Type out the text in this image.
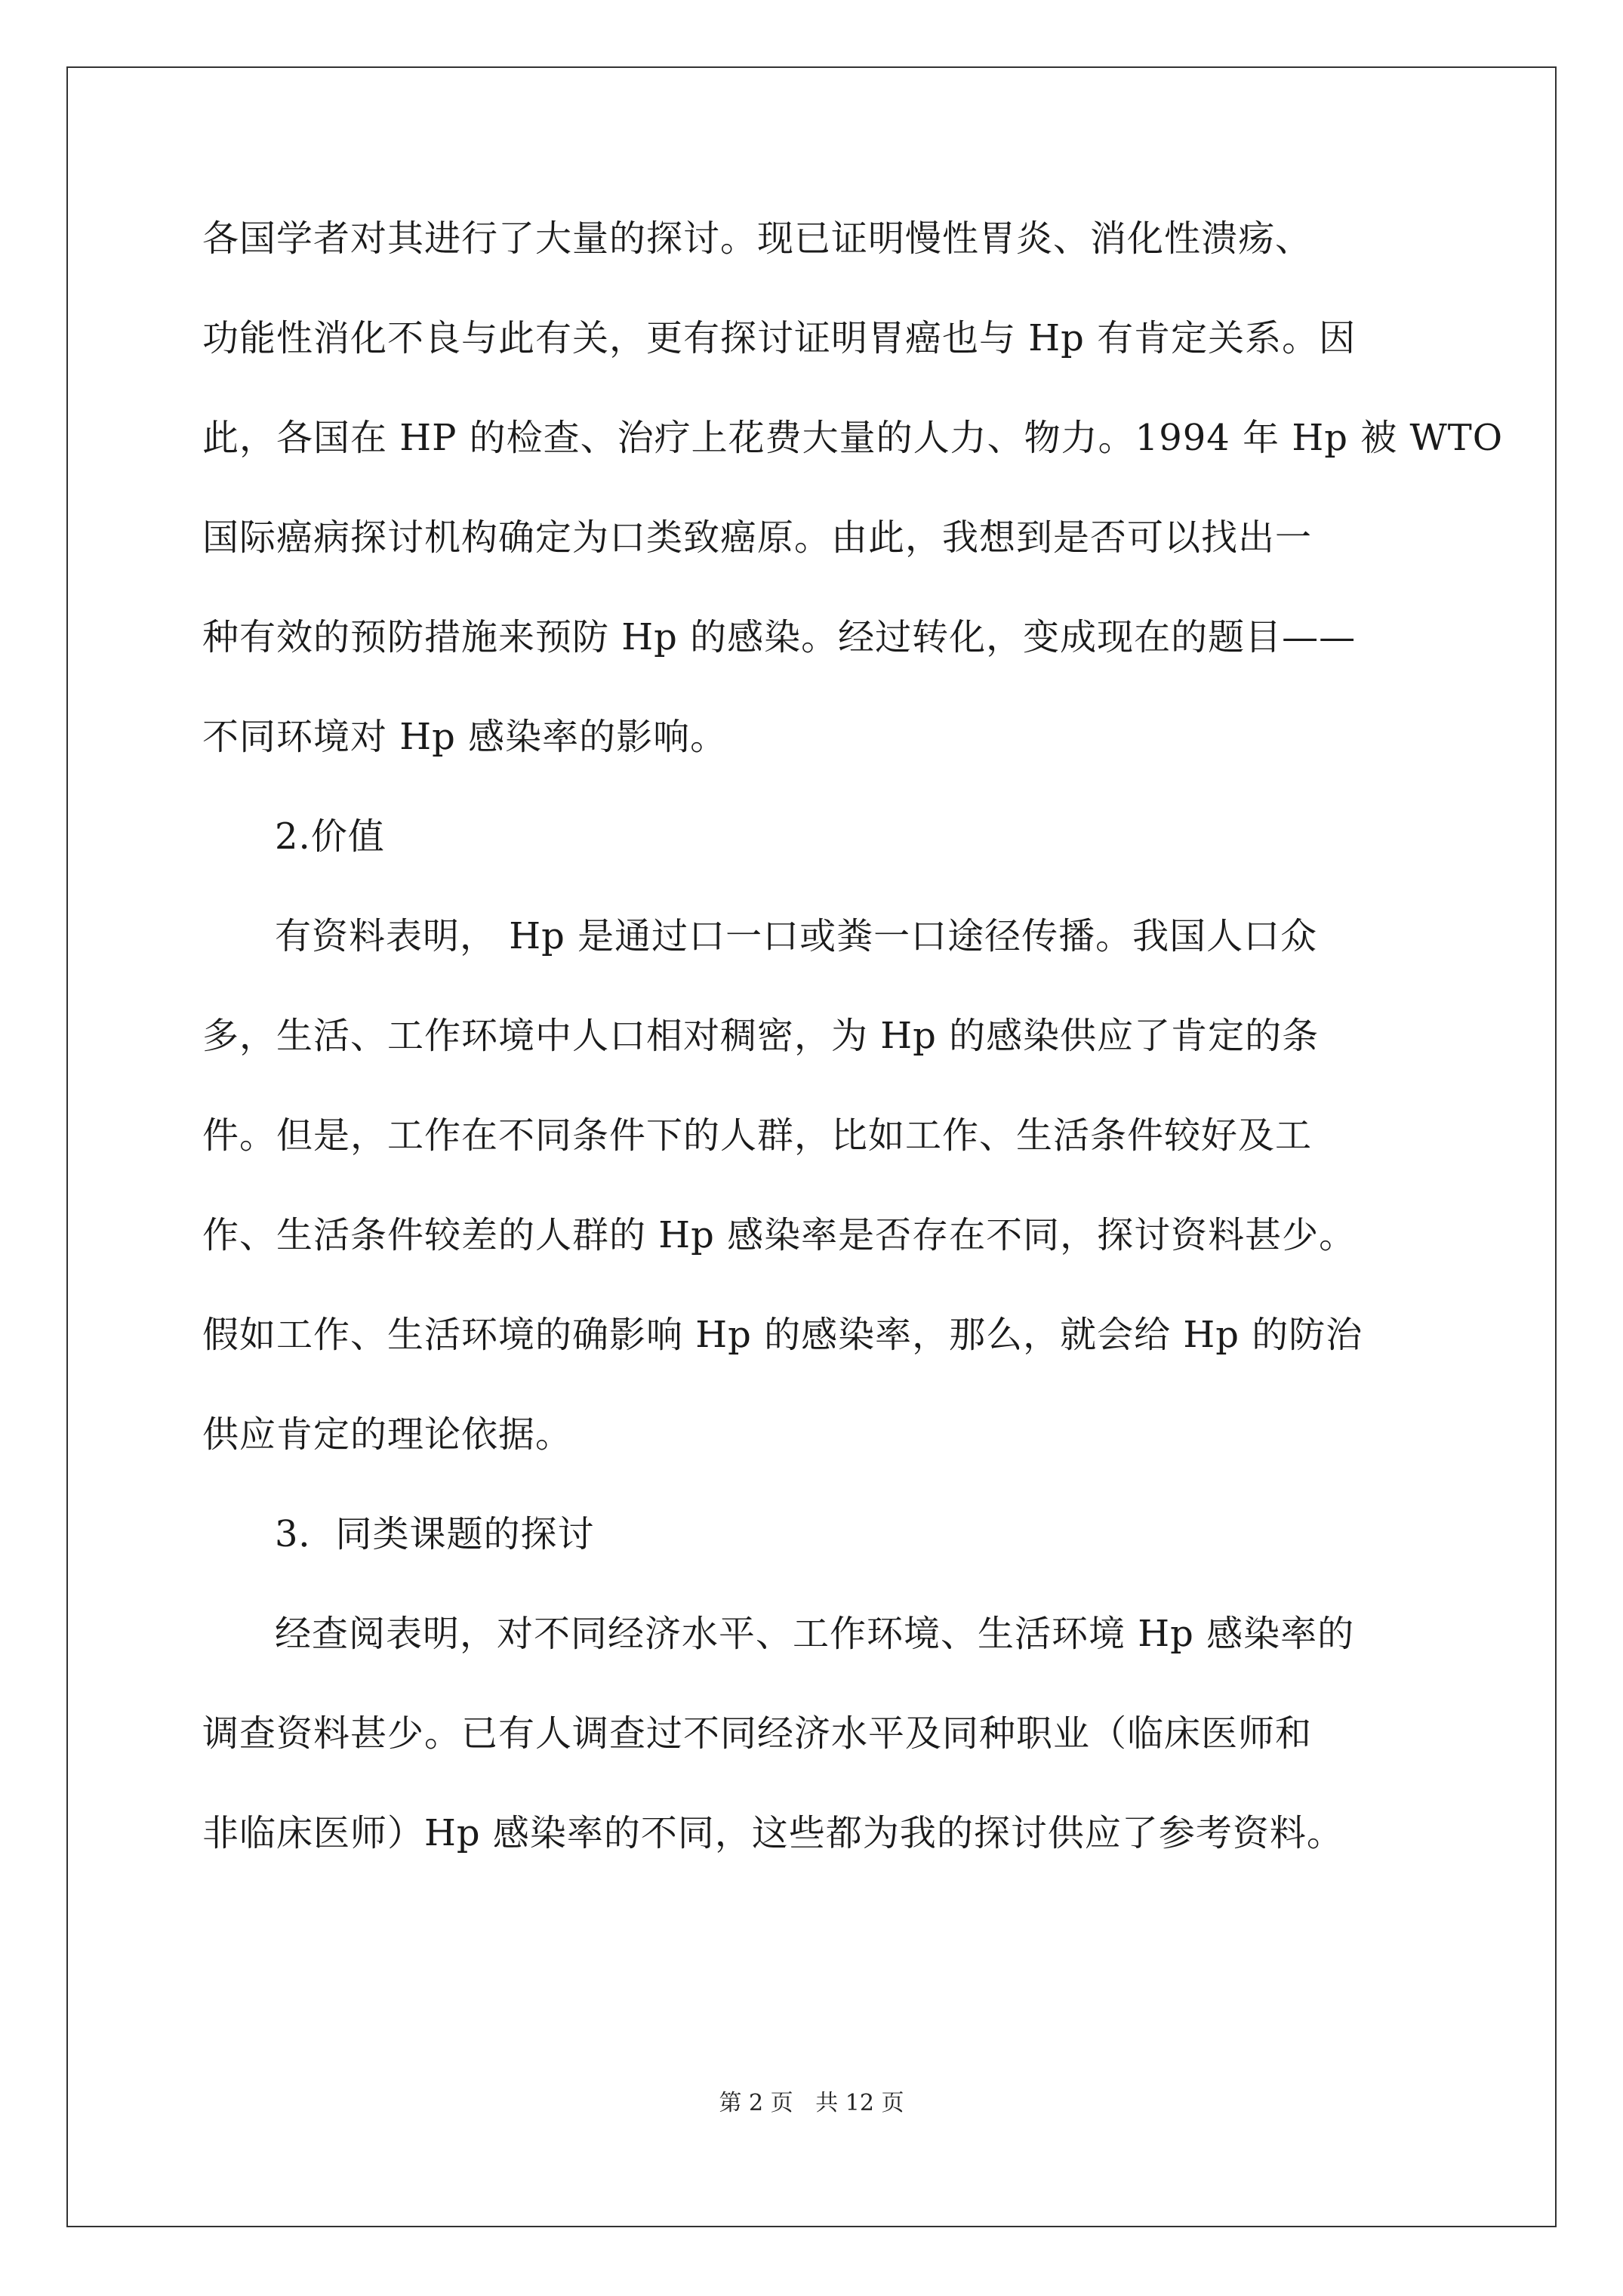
各国学者对其进行了大量的探讨。现已证明慢性胃炎、消化性溃疡、
功能性消化不良与此有关，更有探讨证明胃癌也与 Hp 有肯定关系。因
此，各国在 HP 的检查、治疗上花费大量的人力、物力。1994 年 Hp 被 WTO
国际癌病探讨机构确定为口类致癌原。由此，我想到是否可以找出一
种有效的预防措施来预防 Hp 的感染。经过转化，变成现在的题目——
不同环境对 Hp 感染率的影响。
2.价值
有资料表明， Hp 是通过口一口或粪一口途径传播。我国人口众
多，生活、工作环境中人口相对稠密，为 Hp 的感染供应了肯定的条
件。但是，工作在不同条件下的人群，比如工作、生活条件较好及工
作、生活条件较差的人群的 Hp 感染率是否存在不同，探讨资料甚少。
假如工作、生活环境的确影响 Hp 的感染率，那么，就会给 Hp 的防治
供应肯定的理论依据。
3．同类课题的探讨
经查阅表明，对不同经济水平、工作环境、生活环境 Hp 感染率的
调查资料甚少。已有人调查过不同经济水平及同种职业（临床医师和
非临床医师）Hp 感染率的不同，这些都为我的探讨供应了参考资料。
第 2 页 共 12 页
